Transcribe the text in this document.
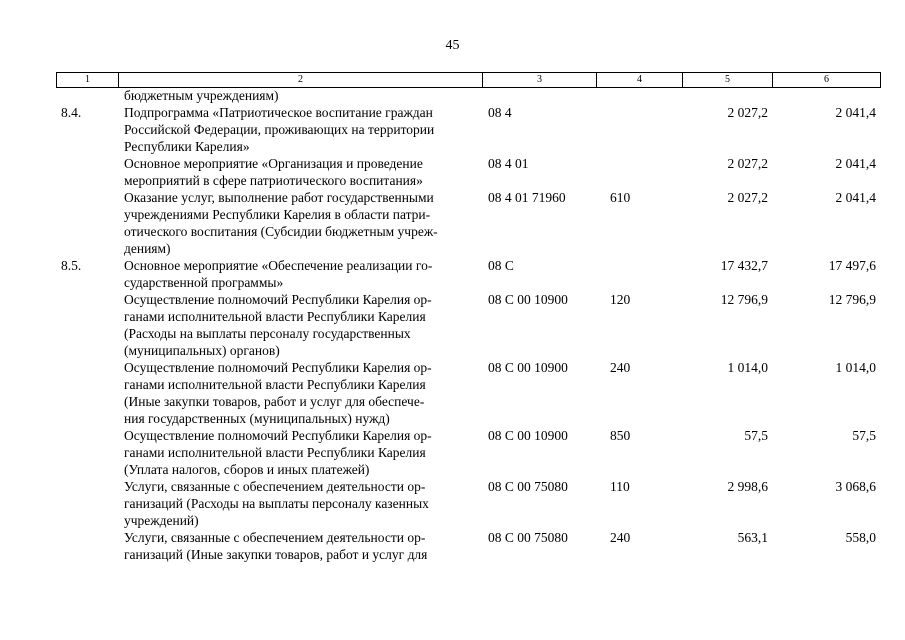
45
1	2	3	4	5	6

	бюджетным учреждениям)				

8.4.	Подпрограмма «Патриотическое воспитание граждан
Российской Федерации, проживающих на территории
Республики Карелия»	08 4		2 027,2	2 041,4

	Основное мероприятие «Организация и проведение
мероприятий в сфере патриотического воспитания»	08 4 01		2 027,2	2 041,4

	Оказание услуг, выполнение работ государственными
учреждениями Республики Карелия в области патри-
отического воспитания (Субсидии бюджетным учреж-
дениям)	08 4 01 71960	610	2 027,2	2 041,4
8.5.	Основное мероприятие «Обеспечение реализации го-
сударственной программы»	08 С		17 432,7	17 497,6

	Осуществление полномочий Республики Карелия ор-
ганами исполнительной власти Республики Карелия
(Расходы на выплаты персоналу государственных
(муниципальных) органов)	08 С 00 10900	120	12 796,9	12 796,9

	Осуществление полномочий Республики Карелия ор-
ганами исполнительной власти Республики Карелия
(Иные закупки товаров, работ и услуг для обеспече-
ния государственных (муниципальных) нужд)	08 С 00 10900	240	1 014,0	1 014,0

	Осуществление полномочий Республики Карелия ор-
ганами исполнительной власти Республики Карелия
(Уплата налогов, сборов и иных платежей)	08 С 00 10900	850	57,5	57,5

	Услуги, связанные с обеспечением деятельности ор-
ганизаций (Расходы на выплаты персоналу казенных
учреждений)	08 С 00 75080	110	2 998,6	3 068,6

	Услуги, связанные с обеспечением деятельности ор-
ганизаций (Иные закупки товаров, работ и услуг для	08 С 00 75080	240	563,1	558,0
